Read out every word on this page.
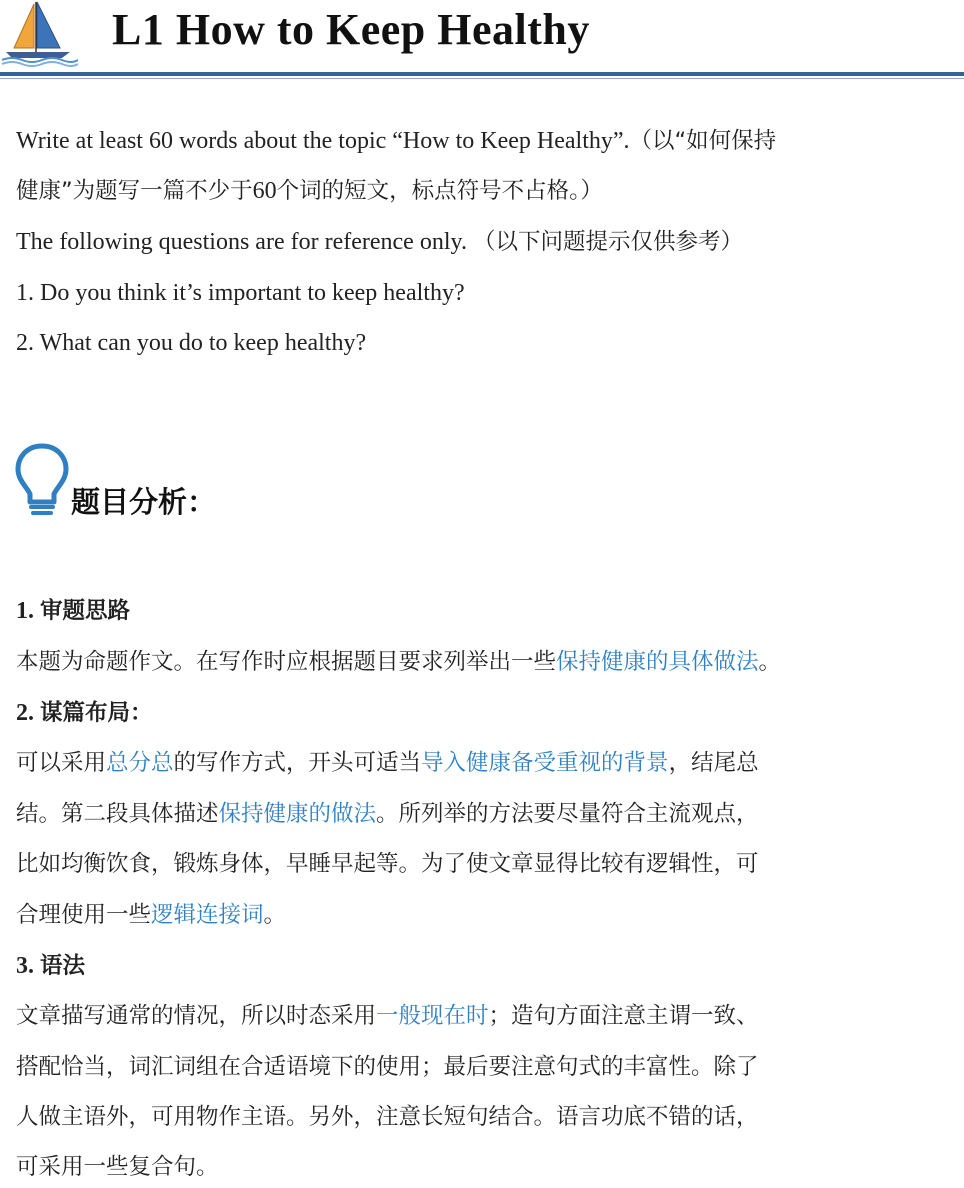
L1 How to Keep Healthy
Write at least 60 words about the topic “How to Keep Healthy”.（以“如何保持
健康”为题写一篇不少于60个词的短文，标点符号不占格。）
The following questions are for reference only. （以下问题提示仅供参考）
1. Do you think it’s important to keep healthy?
2. What can you do to keep healthy?
题目分析：
1. 审题思路
本题为命题作文。在写作时应根据题目要求列举出一些保持健康的具体做法。
2. 谋篇布局：
可以采用总分总的写作方式，开头可适当导入健康备受重视的背景，结尾总
结。第二段具体描述保持健康的做法。所列举的方法要尽量符合主流观点，
比如均衡饮食，锻炼身体，早睡早起等。为了使文章显得比较有逻辑性，可
合理使用一些逻辑连接词。
3. 语法
文章描写通常的情况，所以时态采用一般现在时；造句方面注意主谓一致、
搭配恰当，词汇词组在合适语境下的使用；最后要注意句式的丰富性。除了
人做主语外，可用物作主语。另外，注意长短句结合。语言功底不错的话，
可采用一些复合句。
